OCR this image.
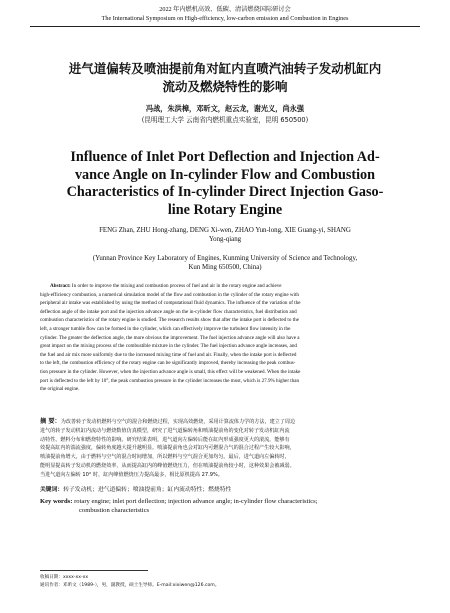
2022 年内燃机高效、低碳、清洁燃烧国际研讨会
The International Symposium on High-efficiency, low-carbon emission and Combustion in Engines
进气道偏转及喷油提前角对缸内直喷汽油转子发动机缸内
流动及燃烧特性的影响
冯战，朱洪樟，邓昕文，赵云龙，谢光义，尚永强
(昆明理工大学 云南省内燃机重点实验室，昆明 650500)
Influence of Inlet Port Deflection and Injection Ad-
vance Angle on In-cylinder Flow and Combustion
Characteristics of In-cylinder Direct Injection Gaso-
line Rotary Engine
FENG Zhan, ZHU Hong-zhang, DENG Xi-wen, ZHAO Yun-long, XIE Guang-yi, SHANG
Yong-qiang
(Yunnan Province Key Laboratory of Engines, Kunming University of Science and Technology,
Kun Ming 650500, China)
Abstract: In order to improve the mixing and combustion process of fuel and air in the rotary engine and achieve
high-efficiency combustion, a numerical simulation model of the flow and combustion in the cylinder of the rotary engine with
peripheral air intake was established by using the method of computational fluid dynamics. The influence of the variation of the
deflection angle of the intake port and the injection advance angle on the in-cylinder flow characteristics, fuel distribution and
combustion characteristics of the rotary engine is studied. The research results show that after the intake port is deflected to the
left, a stronger tumble flow can be formed in the cylinder, which can effectively improve the turbulent flow intensity in the
cylinder. The greater the deflection angle, the more obvious the improvement. The fuel injection advance angle will also have a
great impact on the mixing process of the combustible mixture in the cylinder. The fuel injection advance angle increases, and
the fuel and air mix more uniformly due to the increased mixing time of fuel and air. Finally, when the intake port is deflected
to the left, the combustion efficiency of the rotary engine can be significantly improved, thereby increasing the peak combus-
tion pressure in the cylinder. However, when the injection advance angle is small, this effect will be weakened. When the intake
port is deflected to the left by 10°, the peak combustion pressure in the cylinder increases the most, which is 27.9% higher than
the original engine.
摘 要：为改善转子发动机燃料与空气的混合和燃烧过程，实现高效燃烧，采用计算流体力学的方法，建立了周边
进气的转子发动机缸内流动与燃烧数值仿真模型，研究了进气道偏转角和喷油提前角的变化对转子发动机缸内流
动特性、燃料分布和燃烧特性的影响。研究结果表明，进气道向左偏转后能在缸内形成强度更大的滚流，能够有
效提高缸内的湍流强度，偏转角度越大提升越明显。喷油提前角也会对缸内可燃混合气的混合过程产生较大影响，
喷油提前角增大，由于燃料与空气的混合时间增加，所以燃料与空气混合更加均匀。最后，进气道向左偏转时，
能明显提高转子发动机的燃烧效率，从而提高缸内的峰值燃烧压力，但在喷油提前角较小时，这种效果会被减弱。
当进气道向左偏转 10° 时，缸内峰值燃烧压力提高最多，相比原机提高 27.9%。
关键词：转子发动机；进气道偏转；喷油提前角；缸内流动特性；燃烧特性
Key words: rotary engine; inlet port deflection; injection advance angle; in-cylinder flow characteristics;
combustion characteristics
收稿日期：xxxx-xx-xx
通讯作者：邓昕文（1989-），男，副教授，硕士生导师。E-mail:xixiwen@126.com。
